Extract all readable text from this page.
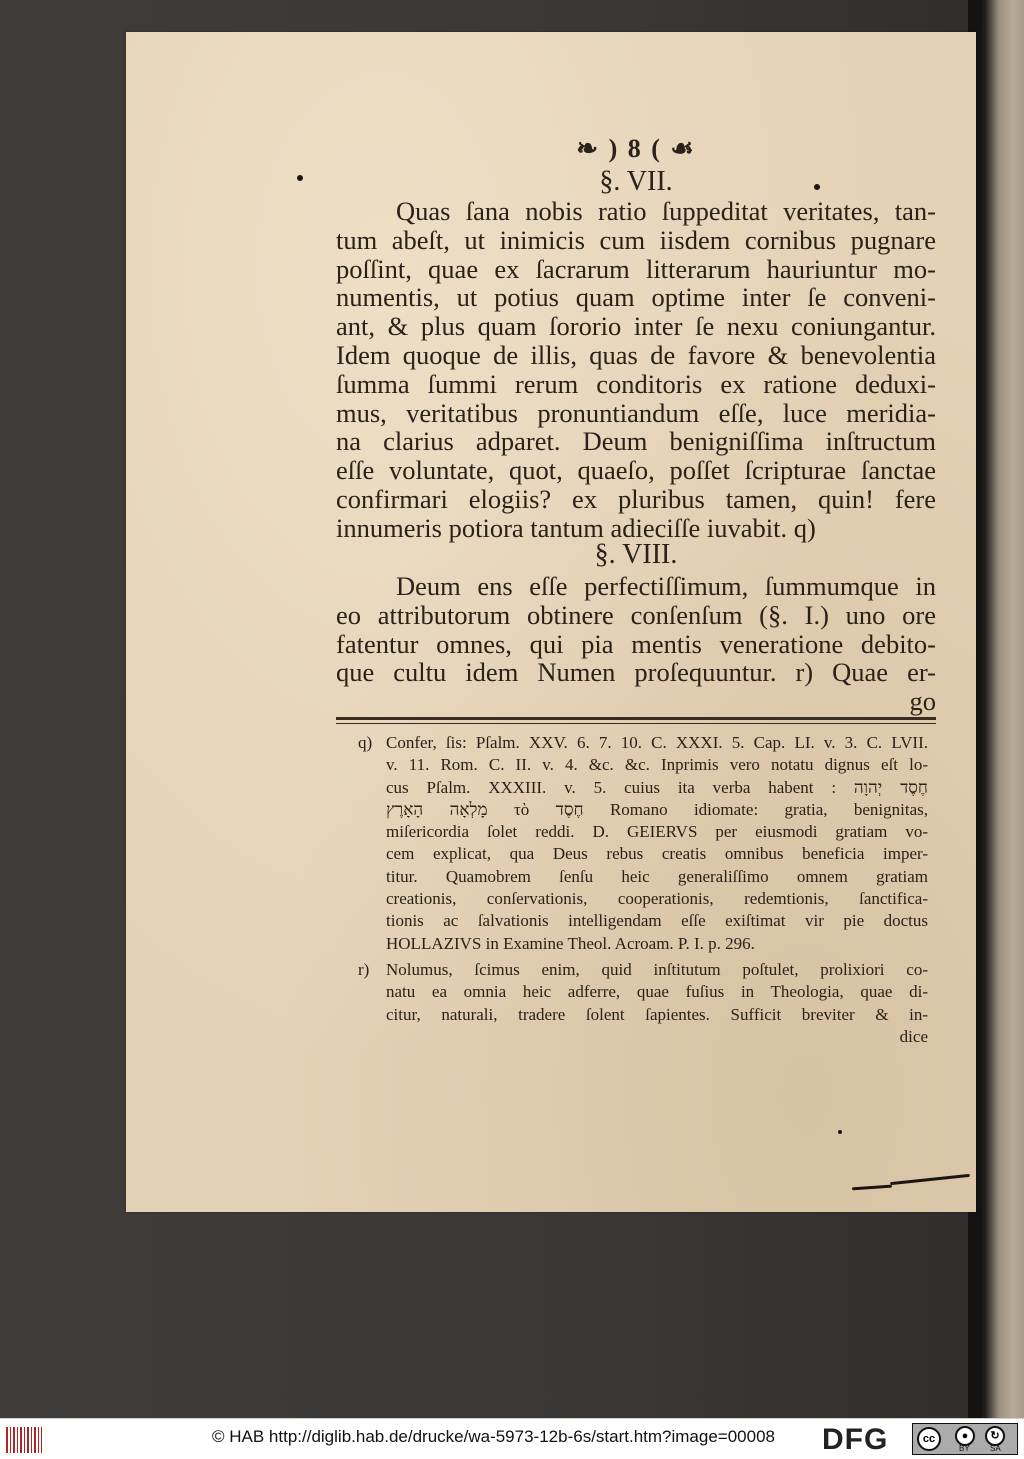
❧ ) 8 ( ☙
§. VII.
Quas ſana nobis ratio ſuppeditat veritates, tan-
tum abeſt, ut inimicis cum iisdem cornibus pugnare
poſſint, quae ex ſacrarum litterarum hauriuntur mo-
numentis, ut potius quam optime inter ſe conveni-
ant, & plus quam ſororio inter ſe nexu coniungantur.
Idem quoque de illis, quas de favore & benevolentia
ſumma ſummi rerum conditoris ex ratione deduxi-
mus, veritatibus pronuntiandum eſſe, luce meridia-
na clarius adparet. Deum benigniſſima inſtructum
eſſe voluntate, quot, quaeſo, poſſet ſcripturae ſanctae
confirmari elogiis? ex pluribus tamen, quin! fere
innumeris potiora tantum adieciſſe iuvabit. q)
§. VIII.
Deum ens eſſe perfectiſſimum, ſummumque in
eo attributorum obtinere conſenſum (§. I.) uno ore
fatentur omnes, qui pia mentis veneratione debito-
que cultu idem Numen proſequuntur. r) Quae er-
go
q) Confer, ſis: Pſalm. XXV. 6. 7. 10. C. XXXI. 5. Cap. LI. v. 3. C. LVII.
v. 11. Rom. C. II. v. 4. &c. &c. Inprimis vero notatu dignus eſt lo-
cus Pſalm. XXXIII. v. 5. cuius ita verba habent : חֶסֶד יְהוָה
מָלְאָה הָאָרֶץ τὸ חֶסֶד Romano idiomate: gratia, benignitas,
miſericordia ſolet reddi. D. GEIERVS per eiusmodi gratiam vo-
cem explicat, qua Deus rebus creatis omnibus beneficia imper-
titur. Quamobrem ſenſu heic generaliſſimo omnem gratiam
creationis, conſervationis, cooperationis, redemtionis, ſanctifica-
tionis ac ſalvationis intelligendam eſſe exiſtimat vir pie doctus
HOLLAZIVS in Examine Theol. Acroam. P. I. p. 296.
r) Nolumus, ſcimus enim, quid inſtitutum poſtulet, prolixiori co-
natu ea omnia heic adferre, quae fuſius in Theologia, quae di-
citur, naturali, tradere ſolent ſapientes. Sufficit breviter & in-
dice
© HAB http://diglib.hab.de/drucke/wa-5973-12b-6s/start.htm?image=00008 DFG	cc	●
BY
↻
SA
